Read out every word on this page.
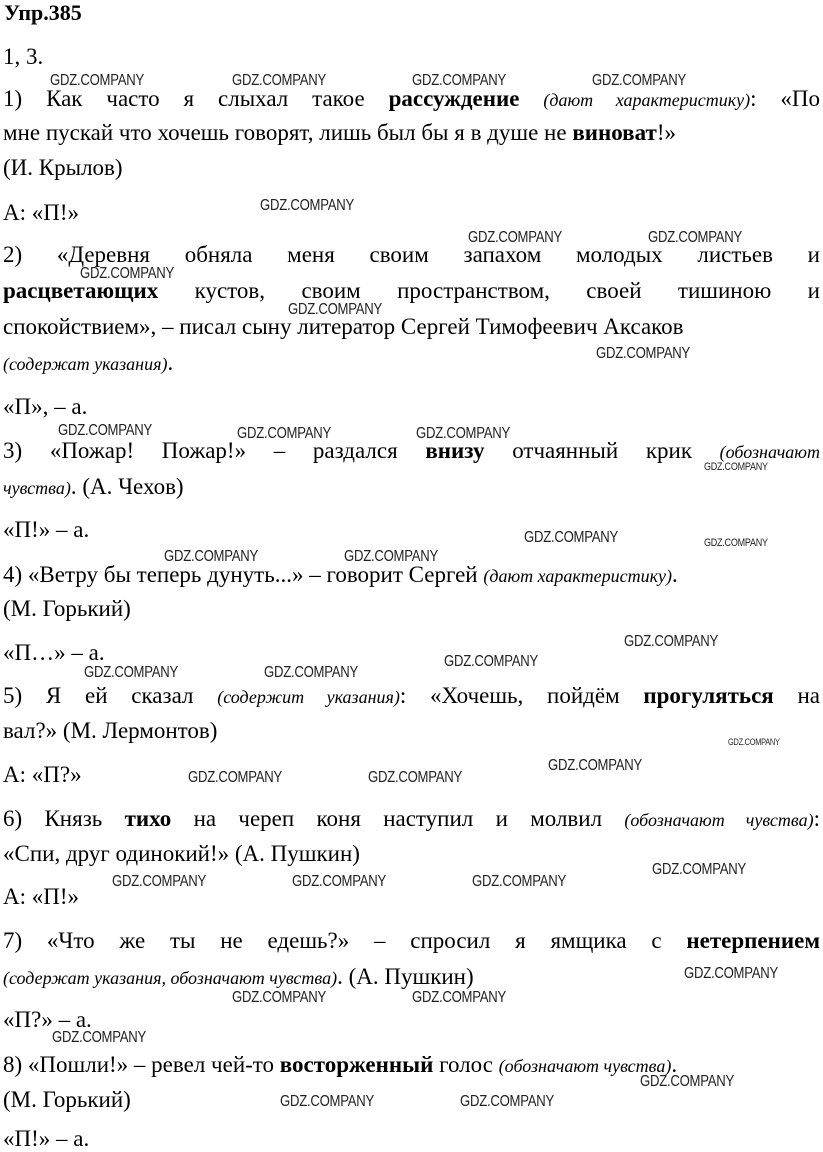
Упр.385
1, 3.
1) Как часто я слыхал такое рассуждение (дают характеристику): «По
мне пускай что хочешь говорят, лишь был бы я в душе не виноват!»
(И. Крылов)
А: «П!»
2) «Деревня обняла меня своим запахом молодых листьев и
расцветающих кустов, своим пространством, своей тишиною и
спокойствием», – писал сыну литератор Сергей Тимофеевич Аксаков
(содержат указания).
«П», – а.
3) «Пожар! Пожар!» – раздался внизу отчаянный крик (обозначают
чувства). (А. Чехов)
«П!» – а.
4) «Ветру бы теперь дунуть...» – говорит Сергей (дают характеристику).
(М. Горький)
«П…» – а.
5) Я ей сказал (содержит указания): «Хочешь, пойдём прогуляться на
вал?» (М. Лермонтов)
А: «П?»
6) Князь тихо на череп коня наступил и молвил (обозначают чувства):
«Спи, друг одинокий!» (А. Пушкин)
А: «П!»
7) «Что же ты не едешь?» – спросил я ямщика с нетерпением
(содержат указания, обозначают чувства). (А. Пушкин)
«П?» – а.
8) «Пошли!» – ревел чей-то восторженный голос (обозначают чувства).
(М. Горький)
«П!» – а.
GDZ.COMPANY	GDZ.COMPANY	GDZ.COMPANY	GDZ.COMPANY
GDZ.COMPANY
GDZ.COMPANY	GDZ.COMPANY
GDZ.COMPANY
GDZ.COMPANY
GDZ.COMPANY
GDZ.COMPANY	GDZ.COMPANY	GDZ.COMPANY
GDZ.COMPANY
GDZ.COMPANY	GDZ.COMPANY
GDZ.COMPANY	GDZ.COMPANY
GDZ.COMPANY
GDZ.COMPANY
GDZ.COMPANY	GDZ.COMPANY
GDZ.COMPANY
GDZ.COMPANY
GDZ.COMPANY	GDZ.COMPANY
GDZ.COMPANY
GDZ.COMPANY	GDZ.COMPANY	GDZ.COMPANY
GDZ.COMPANY
GDZ.COMPANY	GDZ.COMPANY
GDZ.COMPANY
GDZ.COMPANY
GDZ.COMPANY	GDZ.COMPANY
